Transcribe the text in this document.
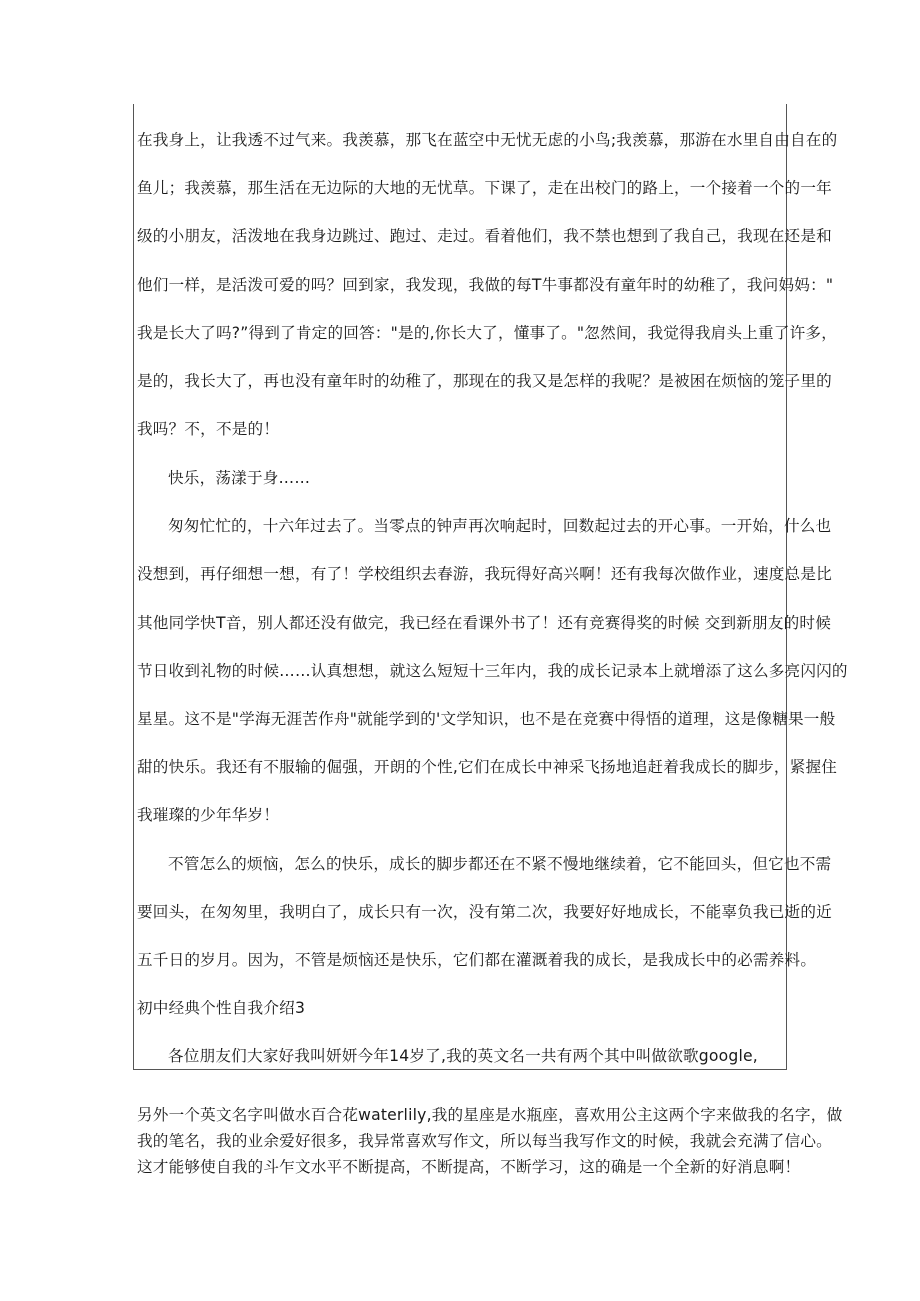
在我身上，让我透不过气来。我羡慕，那飞在蓝空中无忧无虑的小鸟;我羡慕，那游在水里自由自在的
鱼儿；我羡慕，那生活在无边际的大地的无忧草。下课了，走在出校门的路上，一个接着一个的一年
级的小朋友，活泼地在我身边跳过、跑过、走过。看着他们，我不禁也想到了我自己，我现在还是和
他们一样，是活泼可爱的吗？回到家，我发现，我做的每T牛事都没有童年时的幼稚了，我问妈妈："
我是长大了吗?”得到了肯定的回答："是的,你长大了，懂事了。"忽然间，我觉得我肩头上重了许多，
是的，我长大了，再也没有童年时的幼稚了，那现在的我又是怎样的我呢？是被困在烦恼的笼子里的
我吗？不，不是的！
快乐，荡漾于身……
匆匆忙忙的，十六年过去了。当零点的钟声再次响起时，回数起过去的开心事。一开始，什么也
没想到，再仔细想一想，有了！学校组织去春游，我玩得好高兴啊！还有我每次做作业，速度总是比
其他同学快T音，别人都还没有做完，我已经在看课外书了！还有竞赛得奖的时候 交到新朋友的时候
节日收到礼物的时候……认真想想，就这么短短十三年内，我的成长记录本上就增添了这么多亮闪闪的
星星。这不是"学海无涯苦作舟"就能学到的'文学知识，也不是在竞赛中得悟的道理，这是像糖果一般
甜的快乐。我还有不服输的倔强，开朗的个性,它们在成长中神采飞扬地追赶着我成长的脚步，紧握住
我璀璨的少年华岁！
不管怎么的烦恼，怎么的快乐，成长的脚步都还在不紧不慢地继续着，它不能回头，但它也不需
要回头，在匆匆里，我明白了，成长只有一次，没有第二次，我要好好地成长，不能辜负我已逝的近
五千日的岁月。因为，不管是烦恼还是快乐，它们都在灌溉着我的成长，是我成长中的必需养料。
初中经典个性自我介绍3
各位朋友们大家好我叫妍妍今年14岁了,我的英文名一共有两个其中叫做欲歌google,
另外一个英文名字叫做水百合花waterlily,我的星座是水瓶座，喜欢用公主这两个字来做我的名字，做
我的笔名，我的业余爱好很多，我异常喜欢写作文，所以每当我写作文的时候，我就会充满了信心。
这才能够使自我的斗乍文水平不断提高，不断提高，不断学习，这的确是一个全新的好消息啊！
